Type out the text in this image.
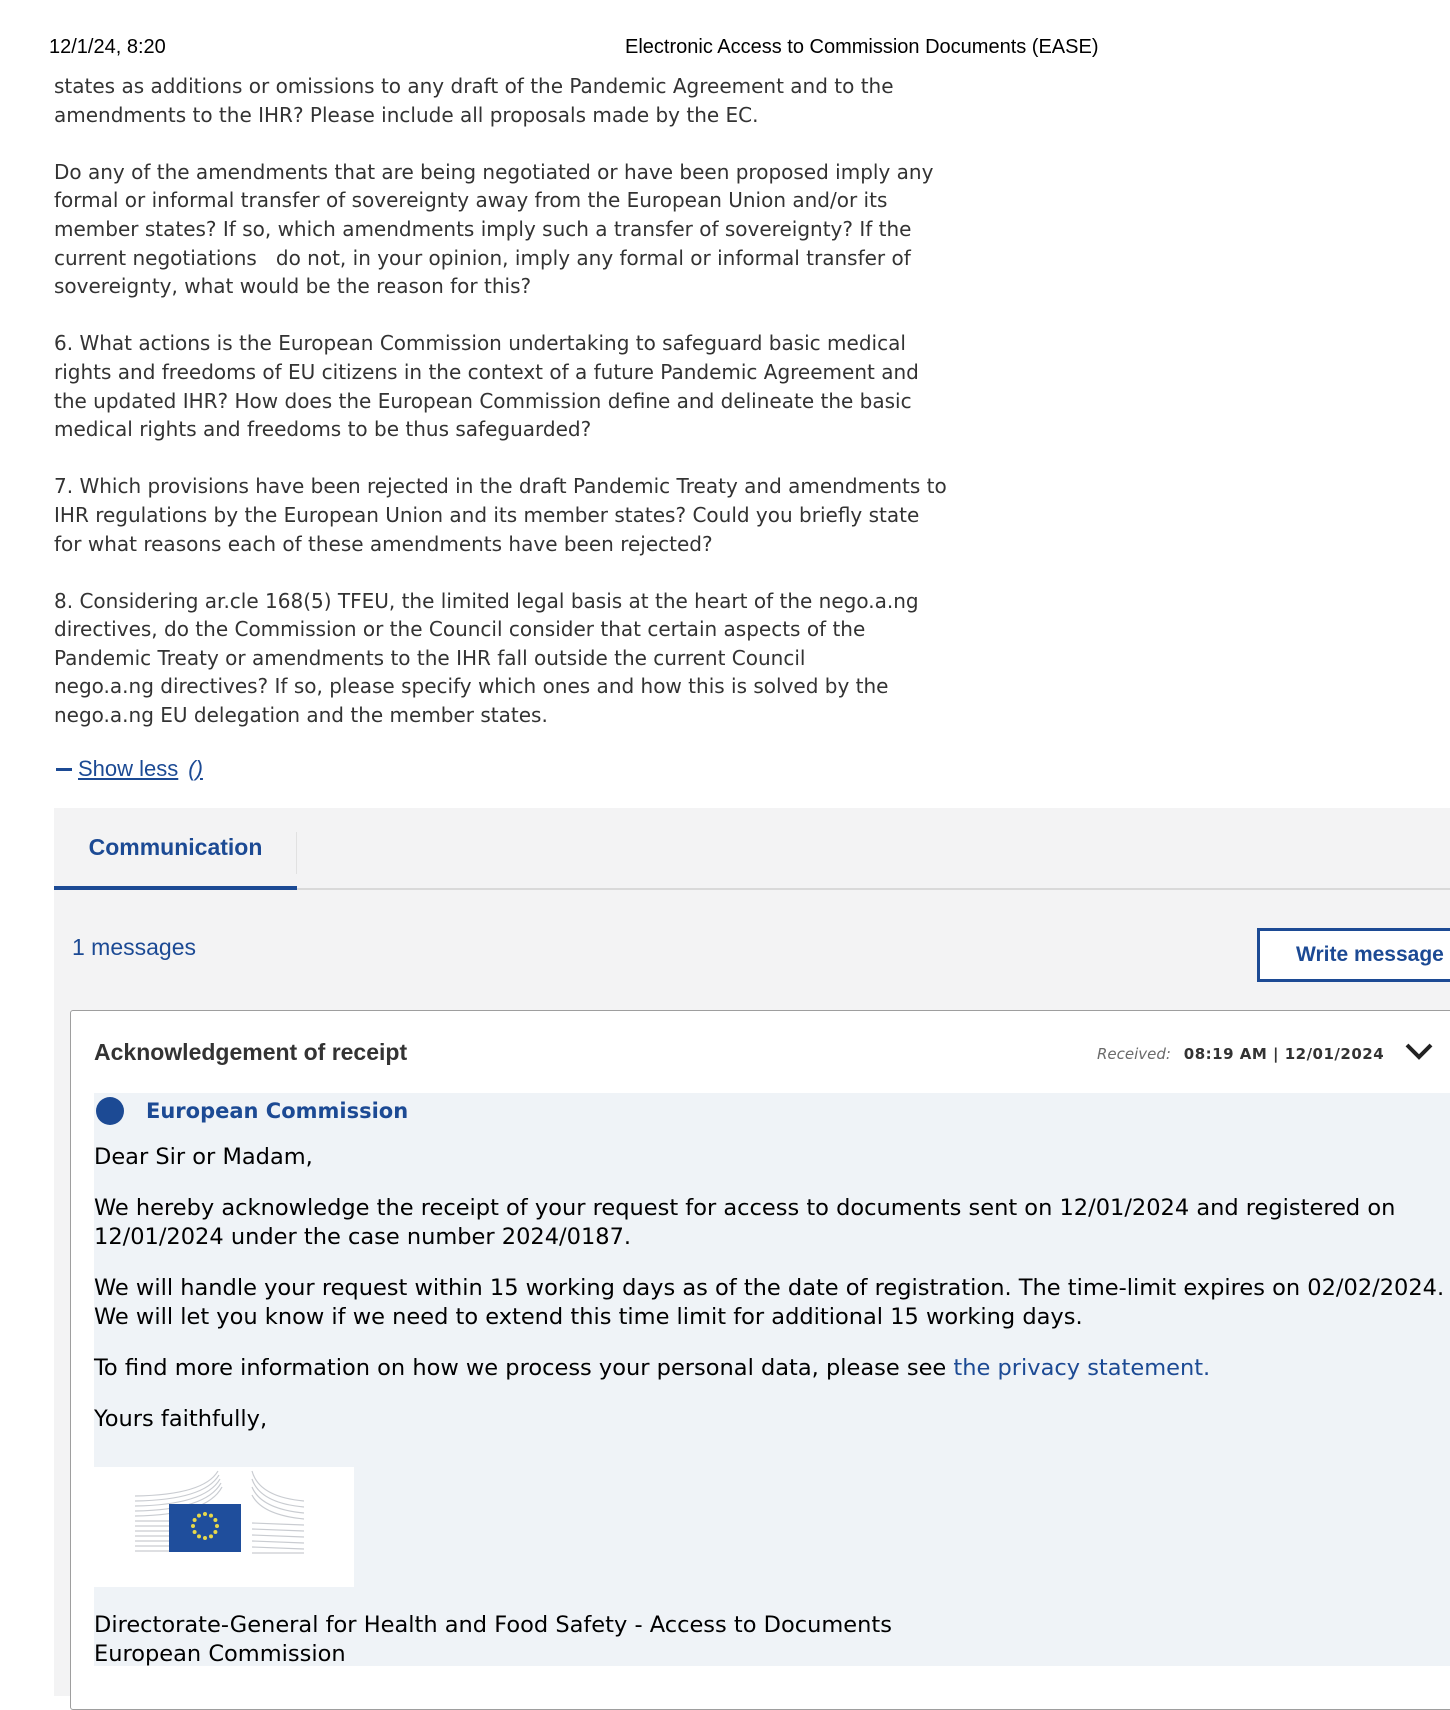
12/1/24, 8:20	Electronic Access to Commission Documents (EASE)

states as additions or omissions to any draft of the Pandemic Agreement and to the
amendments to the IHR? Please include all proposals made by the EC.

Do any of the amendments that are being negotiated or have been proposed imply any
formal or informal transfer of sovereignty away from the European Union and/or its
member states? If so, which amendments imply such a transfer of sovereignty? If the
current negotiations   do not, in your opinion, imply any formal or informal transfer of
sovereignty, what would be the reason for this?

6. What actions is the European Commission undertaking to safeguard basic medical
rights and freedoms of EU citizens in the context of a future Pandemic Agreement and
the updated IHR? How does the European Commission define and delineate the basic
medical rights and freedoms to be thus safeguarded?

7. Which provisions have been rejected in the draft Pandemic Treaty and amendments to
IHR regulations by the European Union and its member states? Could you briefly state
for what reasons each of these amendments have been rejected?

8. Considering ar.cle 168(5) TFEU, the limited legal basis at the heart of the nego.a.ng
directives, do the Commission or the Council consider that certain aspects of the
Pandemic Treaty or amendments to the IHR fall outside the current Council
nego.a.ng directives? If so, please specify which ones and how this is solved by the
nego.a.ng EU delegation and the member states.

Show less ()
Communication
1 messages	Write message
Acknowledgement of receipt	Received: 08:19 AM | 12/01/2024
European Commission

Dear Sir or Madam,

We hereby acknowledge the receipt of your request for access to documents sent on 12/01/2024 and registered on 12/01/2024 under the case number 2024/0187.

We will handle your request within 15 working days as of the date of registration. The time-limit expires on 02/02/2024. We will let you know if we need to extend this time limit for additional 15 working days.

To find more information on how we process your personal data, please see the privacy statement.

Yours faithfully,

Directorate-General for Health and Food Safety - Access to Documents
European Commission
